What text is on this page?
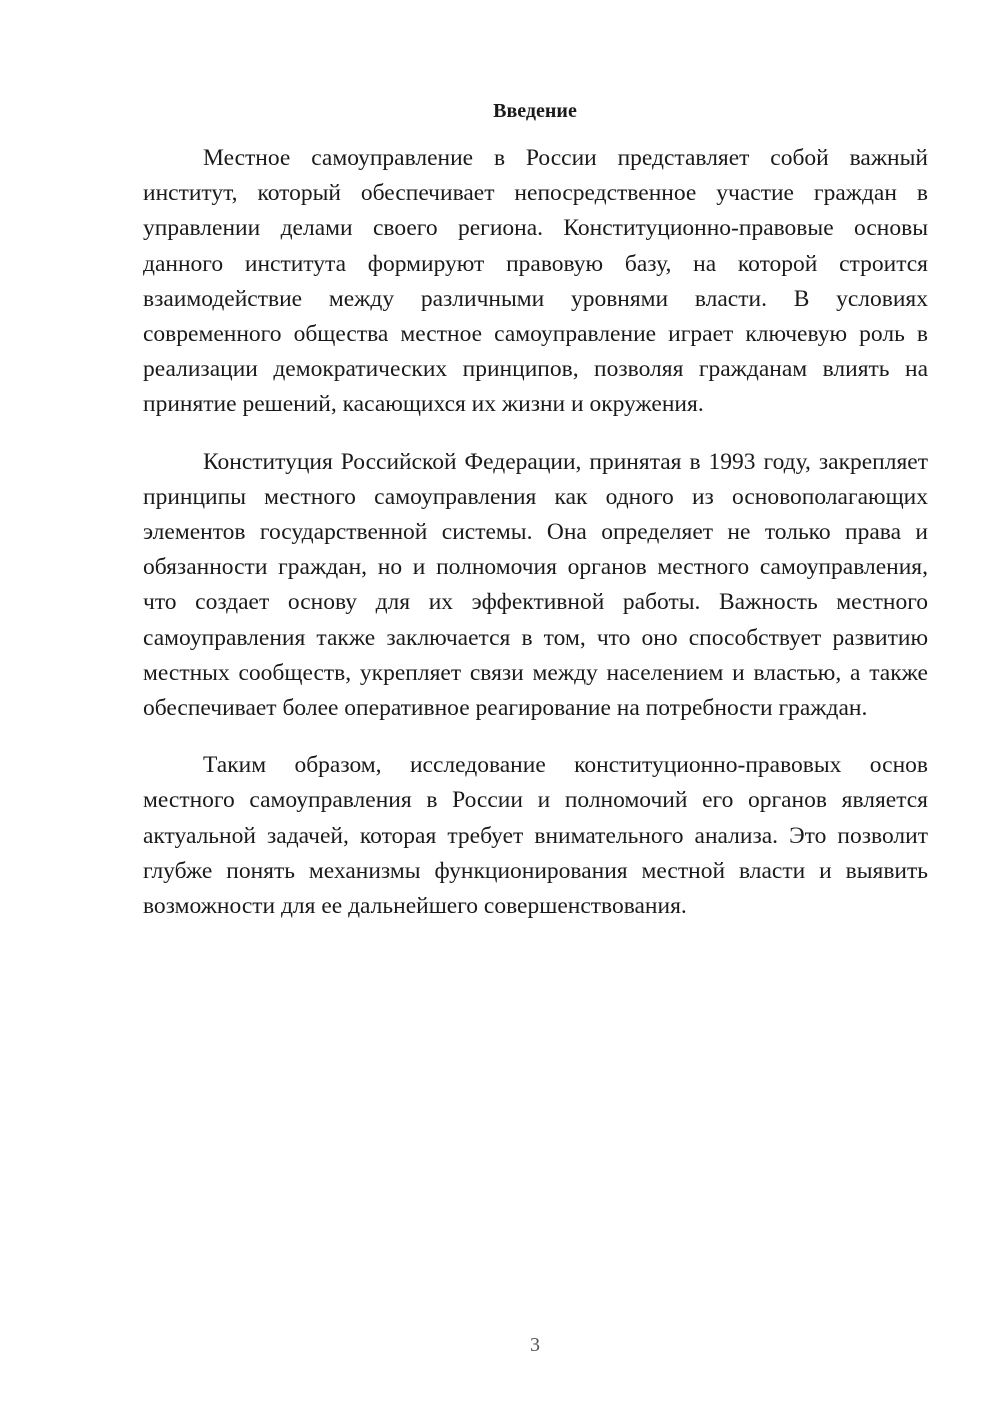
Введение

Местное самоуправление в России представляет собой важный институт, который обеспечивает непосредственное участие граждан в управлении делами своего региона. Конституционно-правовые основы данного института формируют правовую базу, на которой строится взаимодействие между различными уровнями власти. В условиях современного общества местное самоуправление играет ключевую роль в реализации демократических принципов, позволяя гражданам влиять на принятие решений, касающихся их жизни и окружения.

Конституция Российской Федерации, принятая в 1993 году, закрепляет принципы местного самоуправления как одного из основополагающих элементов государственной системы. Она определяет не только права и обязанности граждан, но и полномочия органов местного самоуправления, что создает основу для их эффективной работы. Важность местного самоуправления также заключается в том, что оно способствует развитию местных сообществ, укрепляет связи между населением и властью, а также обеспечивает более оперативное реагирование на потребности граждан.

Таким образом, исследование конституционно-правовых основ местного самоуправления в России и полномочий его органов является актуальной задачей, которая требует внимательного анализа. Это позволит глубже понять механизмы функционирования местной власти и выявить возможности для ее дальнейшего совершенствования.

3
